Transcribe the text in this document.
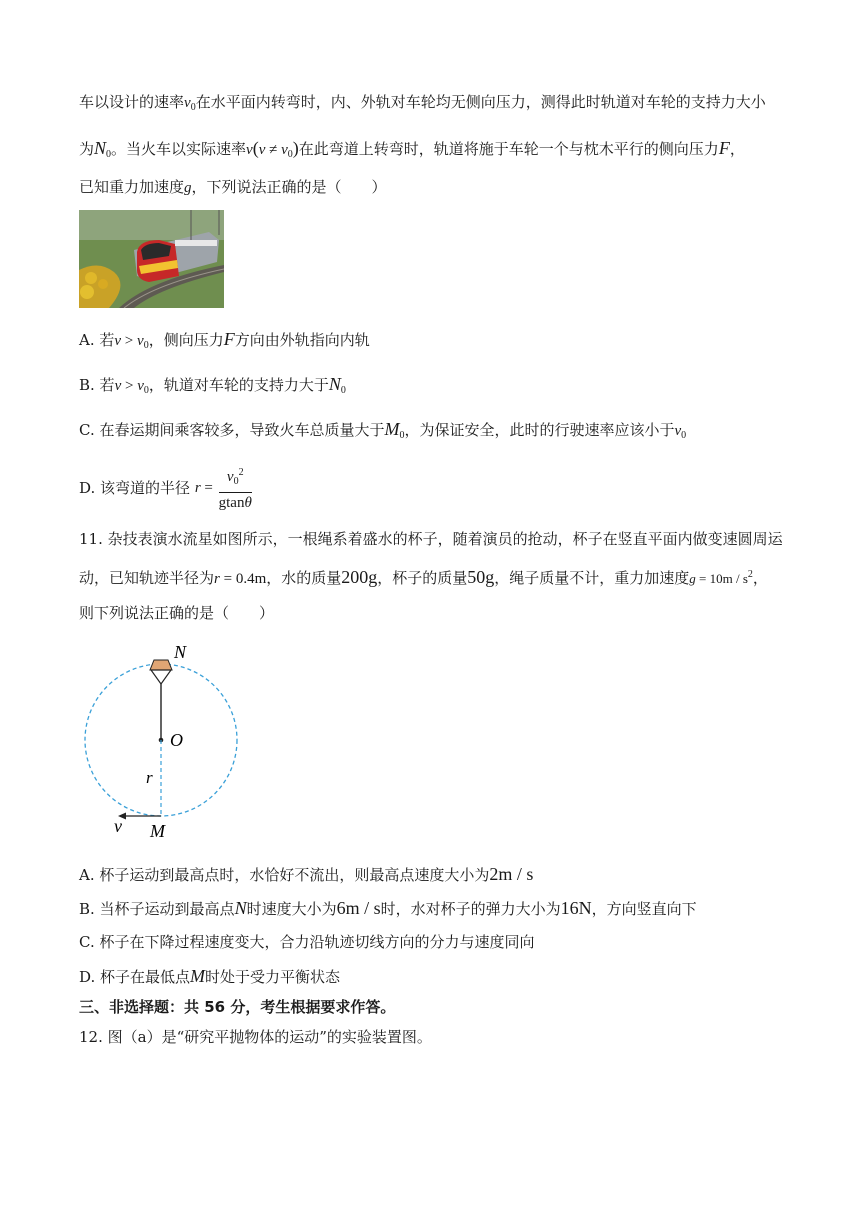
车以设计的速率$v_0$在水平面内转弯时，内、外轨对车轮均无侧向压力，测得此时轨道对车轮的支持力大小
为$N_0$。当火车以实际速率$v(v \ne v_0)$在此弯道上转弯时，轨道将施于车轮一个与枕木平行的侧向压力F，
已知重力加速度g，下列说法正确的是（　　）
A. 若$v > v_0$，侧向压力F方向由外轨指向内轨
B. 若$v > v_0$，轨道对车轮的支持力大于$N_0$
C. 在春运期间乘客较多，导致火车总质量大于$M_0$，为保证安全，此时的行驶速率应该小于$v_0$
D. 该弯道的半径 $r = \frac{v_0^2}{gtan\theta}$
11. 杂技表演水流星如图所示，一根绳系着盛水的杯子，随着演员的抢动，杯子在竖直平面内做变速圆周运
动，已知轨迹半径为r = 0.4m，水的质量200g，杯子的质量50g，绳子质量不计，重力加速度$g = 10m / s^2$，
则下列说法正确的是（　　）
N
O
r
v M
A. 杯子运动到最高点时，水恰好不流出，则最高点速度大小为2m / s
B. 当杯子运动到最高点N时速度大小为6m / s时，水对杯子的弹力大小为16N，方向竖直向下
C. 杯子在下降过程速度变大，合力沿轨迹切线方向的分力与速度同向
D. 杯子在最低点M时处于受力平衡状态
三、非选择题：共 56 分，考生根据要求作答。
12. 图（a）是“研究平抛物体的运动”的实验装置图。
